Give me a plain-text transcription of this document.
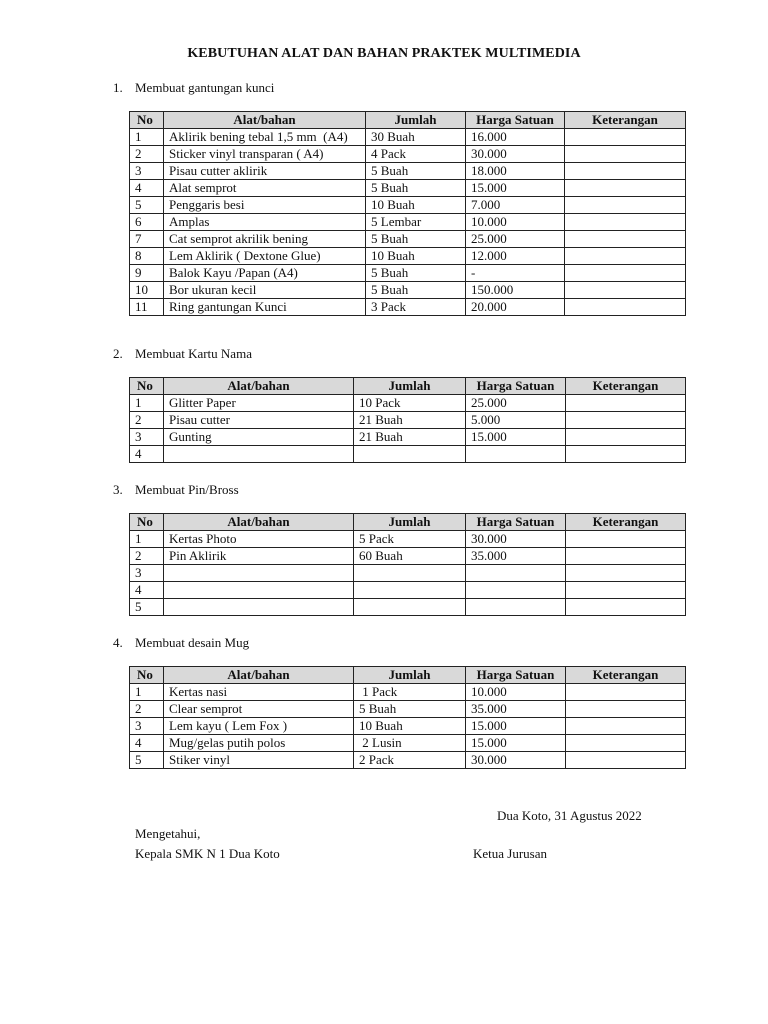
KEBUTUHAN ALAT DAN BAHAN PRAKTEK MULTIMEDIA
1. Membuat gantungan kunci
No	Alat/bahan	Jumlah	Harga Satuan	Keterangan
1	Aklirik bening tebal 1,5 mm  (A4)	30 Buah	16.000	
2	Sticker vinyl transparan ( A4)	4 Pack	30.000	
3	Pisau cutter aklirik	5 Buah	18.000	
4	Alat semprot	5 Buah	15.000	
5	Penggaris besi	10 Buah	7.000	
6	Amplas	5 Lembar	10.000	
7	Cat semprot akrilik bening	5 Buah	25.000	
8	Lem Aklirik ( Dextone Glue)	10 Buah	12.000	
9	Balok Kayu /Papan (A4)	5 Buah	-	
10	Bor ukuran kecil	5 Buah	150.000	
11	Ring gantungan Kunci	3 Pack	20.000	
2. Membuat Kartu Nama
No	Alat/bahan	Jumlah	Harga Satuan	Keterangan
1	Glitter Paper	10 Pack	25.000	
2	Pisau cutter	21 Buah	5.000	
3	Gunting	21 Buah	15.000	
4				
3. Membuat Pin/Bross
No	Alat/bahan	Jumlah	Harga Satuan	Keterangan
1	Kertas Photo	5 Pack	30.000	
2	Pin Aklirik	60 Buah	35.000	
3				
4				
5				
4. Membuat desain Mug
No	Alat/bahan	Jumlah	Harga Satuan	Keterangan
1	Kertas nasi	1 Pack	10.000	
2	Clear semprot	5 Buah	35.000	
3	Lem kayu ( Lem Fox )	10 Buah	15.000	
4	Mug/gelas putih polos	2 Lusin	15.000	
5	Stiker vinyl	2 Pack	30.000	
Dua Koto, 31 Agustus 2022
Mengetahui,
Kepala SMK N 1 Dua Koto	Ketua Jurusan
